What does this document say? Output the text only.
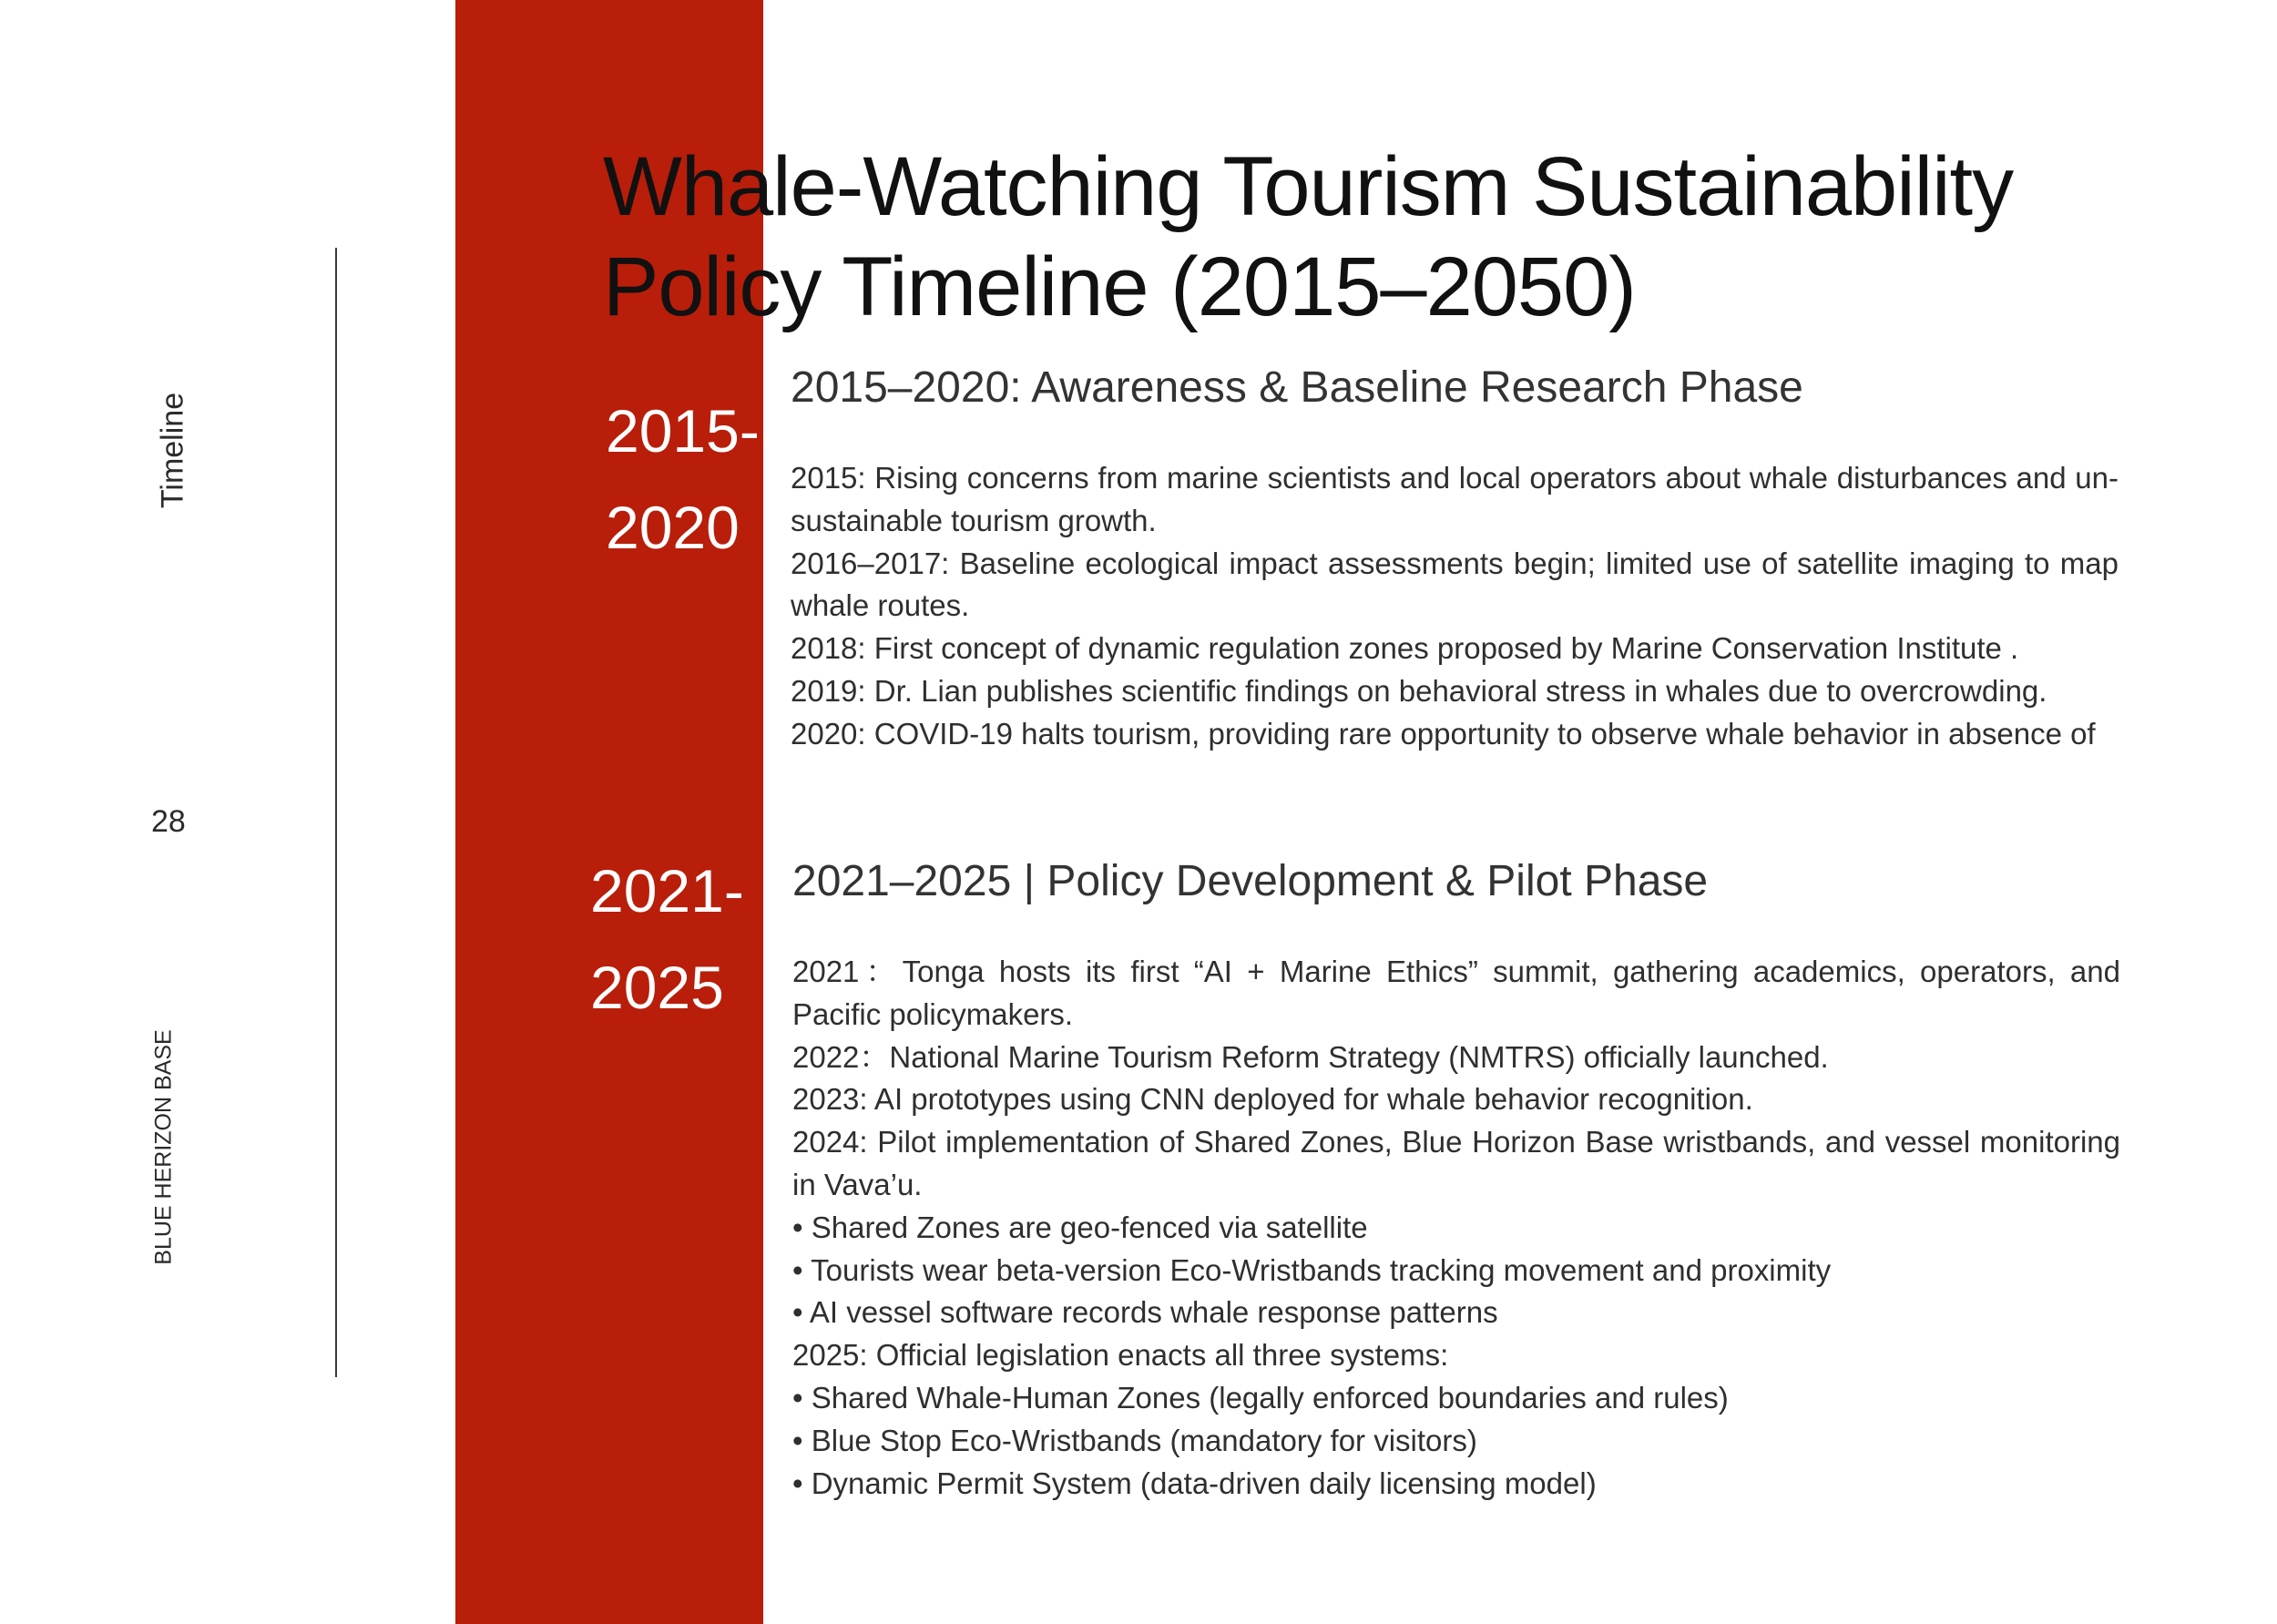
Timeline
28
BLUE HERIZON BASE
Whale-Watching Tourism Sustainability
Policy Timeline (2015–2050)
2015-
2020
2015–2020: Awareness & Baseline Research Phase

2015: Rising concerns from marine scientists and local operators about whale disturbances and un-sustainable tourism growth.

2016–2017: Baseline ecological impact assessments begin; limited use of satellite imaging to map whale routes.

2018: First concept of dynamic regulation zones proposed by Marine Conservation Institute .

2019: Dr. Lian publishes scientific findings on behavioral stress in whales due to overcrowding.

2020: COVID-19 halts tourism, providing rare opportunity to observe whale behavior in absence of

2021-
2025
2021–2025 | Policy Development & Pilot Phase

2021：Tonga hosts its first “AI + Marine Ethics” summit, gathering academics, operators, and Pacific policymakers.

2022：National Marine Tourism Reform Strategy (NMTRS) officially launched.

2023: AI prototypes using CNN deployed for whale behavior recognition.

2024: Pilot implementation of Shared Zones, Blue Horizon Base wristbands, and vessel monitoring in Vava’u.

• Shared Zones are geo-fenced via satellite

• Tourists wear beta-version Eco-Wristbands tracking movement and proximity

• AI vessel software records whale response patterns

2025: Official legislation enacts all three systems:

• Shared Whale-Human Zones (legally enforced boundaries and rules)

• Blue Stop Eco-Wristbands (mandatory for visitors)

• Dynamic Permit System (data-driven daily licensing model)
